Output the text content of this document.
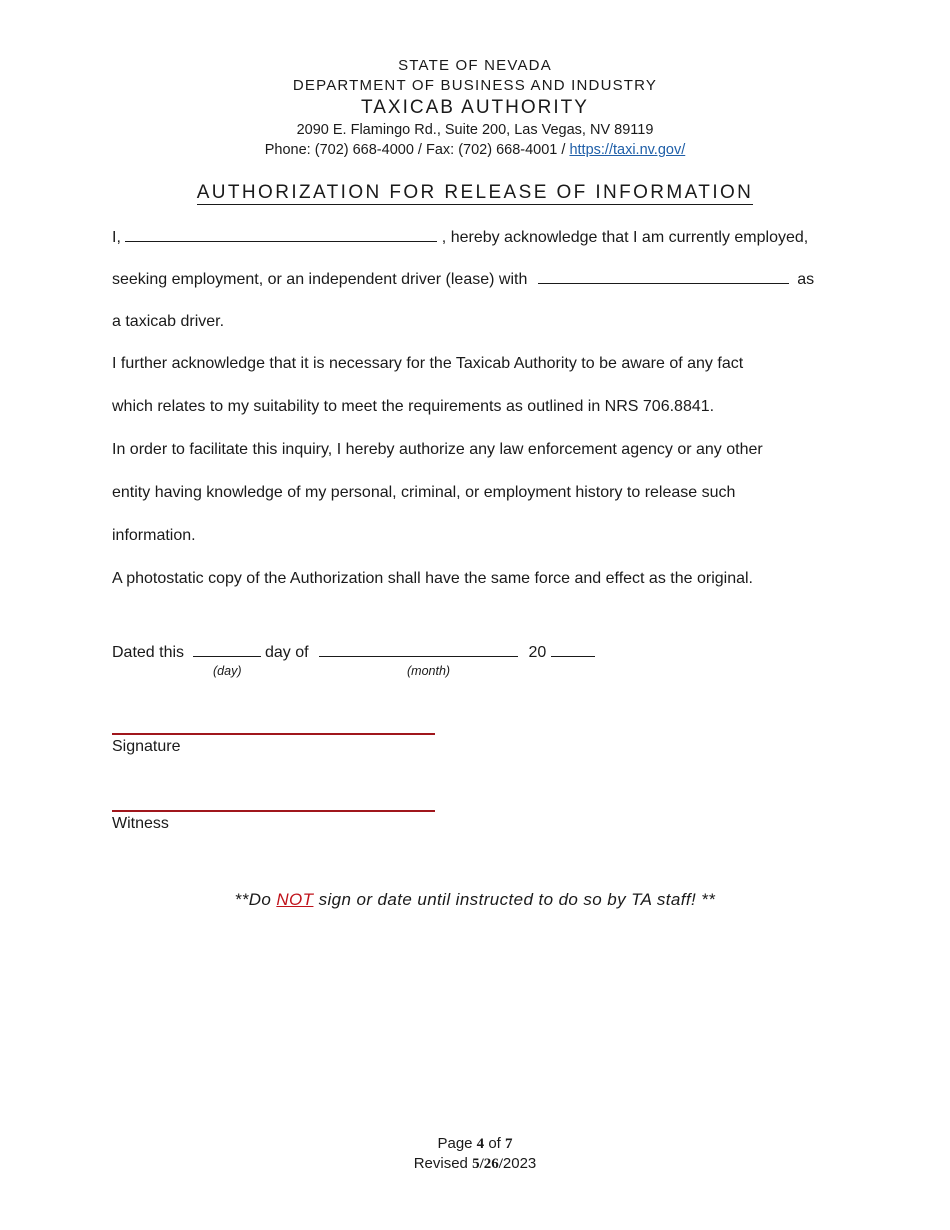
STATE OF NEVADA
DEPARTMENT OF BUSINESS AND INDUSTRY
TAXICAB AUTHORITY
2090 E. Flamingo Rd., Suite 200, Las Vegas, NV 89119
Phone: (702) 668-4000 / Fax: (702) 668-4001 / https://taxi.nv.gov/
AUTHORIZATION FOR RELEASE OF INFORMATION
I,	, hereby acknowledge that I am currently employed,
seeking employment, or an independent driver (lease) with	as
a taxicab driver.
I further acknowledge that it is necessary for the Taxicab Authority to be aware of any fact
which relates to my suitability to meet the requirements as outlined in NRS 706.8841.
In order to facilitate this inquiry, I hereby authorize any law enforcement agency or any other
entity having knowledge of my personal, criminal, or employment history to release such
information.
A photostatic copy of the Authorization shall have the same force and effect as the original.
Dated this	day of	20
(day)	(month)
Signature
Witness
**Do NOT sign or date until instructed to do so by TA staff! **
Page 4 of 7
Revised 5/26/2023
